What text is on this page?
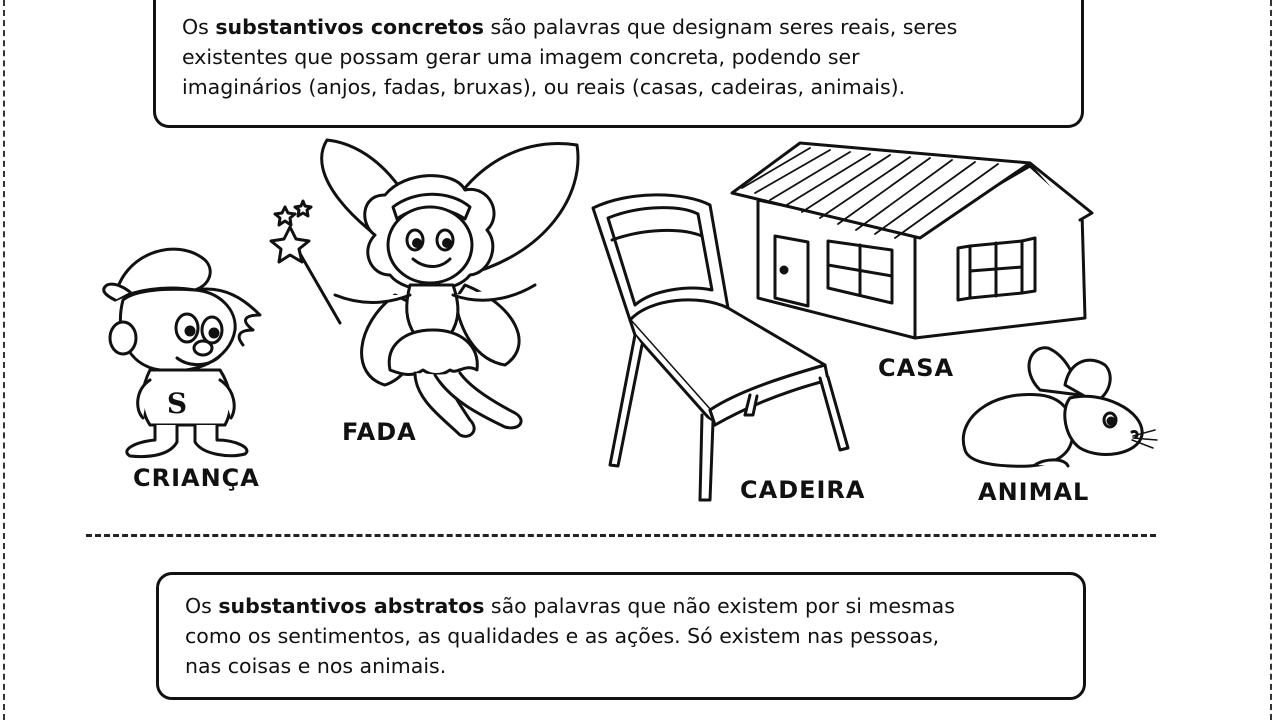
Os substantivos concretos são palavras que designam seres reais, seres

existentes que possam gerar uma imagem concreta, podendo ser

imaginários (anjos, fadas, bruxas), ou reais (casas, cadeiras, animais).

S
CRIANÇA
FADA
CADEIRA
CASA
ANIMAL

Os substantivos abstratos são palavras que não existem por si mesmas

como os sentimentos, as qualidades e as ações. Só existem nas pessoas,

nas coisas e nos animais.
